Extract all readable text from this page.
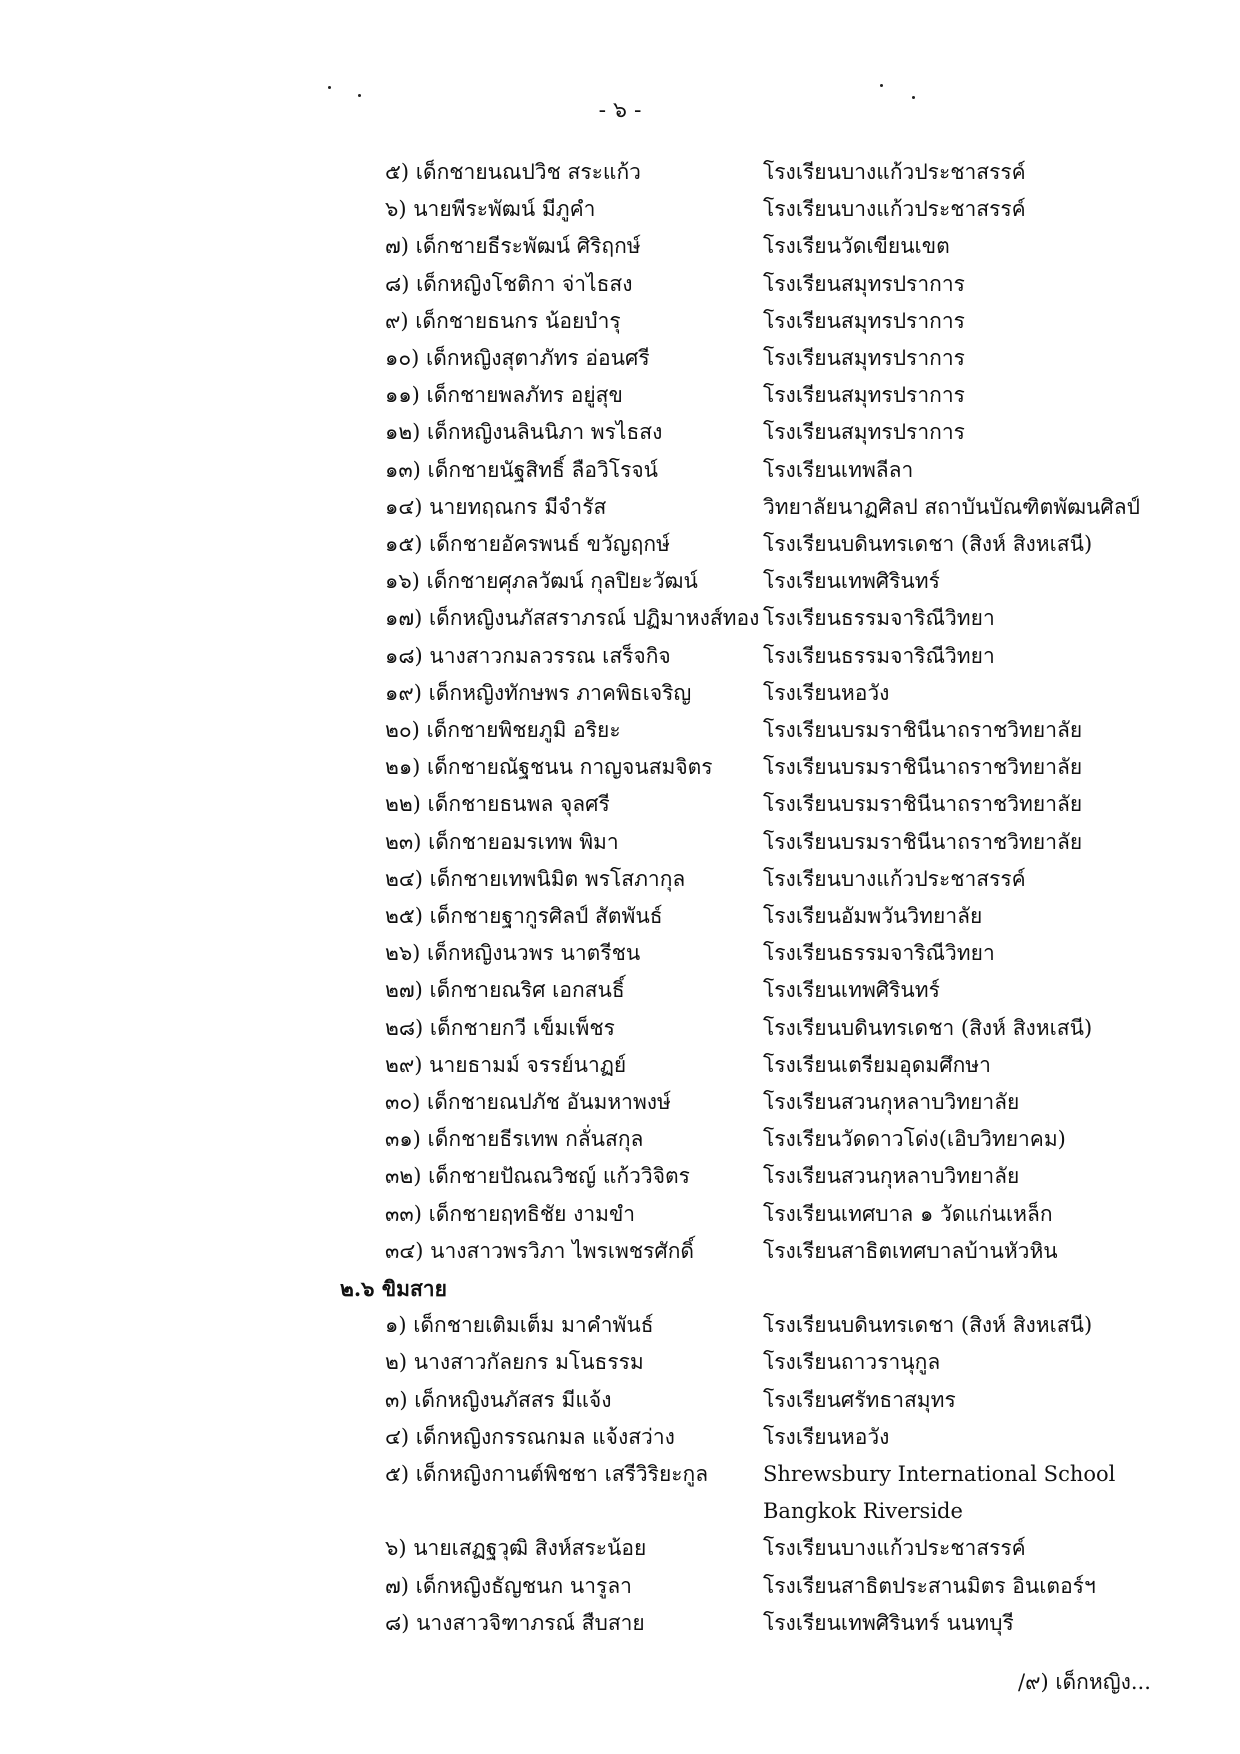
- ๖ -
๕) เด็กชายนณปวิช สระแก้ว	โรงเรียนบางแก้วประชาสรรค์
๖) นายพีระพัฒน์ มีภูคำ	โรงเรียนบางแก้วประชาสรรค์
๗) เด็กชายธีระพัฒน์ ศิริฤกษ์	โรงเรียนวัดเขียนเขต
๘) เด็กหญิงโชติกา จ่าไธสง	โรงเรียนสมุทรปราการ
๙) เด็กชายธนกร น้อยบำรุ	โรงเรียนสมุทรปราการ
๑๐) เด็กหญิงสุตาภัทร อ่อนศรี	โรงเรียนสมุทรปราการ
๑๑) เด็กชายพลภัทร อยู่สุข	โรงเรียนสมุทรปราการ
๑๒) เด็กหญิงนลินนิภา พรไธสง	โรงเรียนสมุทรปราการ
๑๓) เด็กชายนัฐสิทธิ์ ลือวิโรจน์	โรงเรียนเทพลีลา
๑๔) นายทฤณกร มีจำรัส	วิทยาลัยนาฏศิลป สถาบันบัณฑิตพัฒนศิลป์
๑๕) เด็กชายอัครพนธ์ ขวัญฤกษ์	โรงเรียนบดินทรเดชา (สิงห์ สิงหเสนี)
๑๖) เด็กชายศุภลวัฒน์ กุลปิยะวัฒน์	โรงเรียนเทพศิรินทร์
๑๗) เด็กหญิงนภัสสราภรณ์ ปฏิมาหงส์ทอง โรงเรียนธรรมจาริณีวิทยา
๑๘) นางสาวกมลวรรณ เสร็จกิจ	โรงเรียนธรรมจาริณีวิทยา
๑๙) เด็กหญิงทักษพร ภาคพิธเจริญ	โรงเรียนหอวัง
๒๐) เด็กชายพิชยภูมิ อริยะ	โรงเรียนบรมราชินีนาถราชวิทยาลัย
๒๑) เด็กชายณัฐชนน กาญจนสมจิตร โรงเรียนบรมราชินีนาถราชวิทยาลัย
๒๒) เด็กชายธนพล จุลศรี	โรงเรียนบรมราชินีนาถราชวิทยาลัย
๒๓) เด็กชายอมรเทพ พิมา	โรงเรียนบรมราชินีนาถราชวิทยาลัย
๒๔) เด็กชายเทพนิมิต พรโสภากุล	โรงเรียนบางแก้วประชาสรรค์
๒๕) เด็กชายฐากูรศิลป์ สัตพันธ์	โรงเรียนอัมพวันวิทยาลัย
๒๖) เด็กหญิงนวพร นาตรีชน	โรงเรียนธรรมจาริณีวิทยา
๒๗) เด็กชายณริศ เอกสนธิ์	โรงเรียนเทพศิรินทร์
๒๘) เด็กชายกวี เข็มเพ็ชร	โรงเรียนบดินทรเดชา (สิงห์ สิงหเสนี)
๒๙) นายธามม์ จรรย์นาฏย์	โรงเรียนเตรียมอุดมศึกษา
๓๐) เด็กชายณปภัช อันมหาพงษ์	โรงเรียนสวนกุหลาบวิทยาลัย
๓๑) เด็กชายธีรเทพ กลั่นสกุล	โรงเรียนวัดดาวโด่ง(เอิบวิทยาคม)
๓๒) เด็กชายปัณณวิชญ์ แก้ววิจิตร	โรงเรียนสวนกุหลาบวิทยาลัย
๓๓) เด็กชายฤทธิชัย งามขำ	โรงเรียนเทศบาล ๑ วัดแก่นเหล็ก
๓๔) นางสาวพรวิภา ไพรเพชรศักดิ์	โรงเรียนสาธิตเทศบาลบ้านหัวหิน
๒.๖ ขิมสาย
๑) เด็กชายเติมเต็ม มาคำพันธ์	โรงเรียนบดินทรเดชา (สิงห์ สิงหเสนี)
๒) นางสาวกัลยกร มโนธรรม	โรงเรียนถาวรานุกูล
๓) เด็กหญิงนภัสสร มีแจ้ง	โรงเรียนศรัทธาสมุทร
๔) เด็กหญิงกรรณกมล แจ้งสว่าง	โรงเรียนหอวัง
๕) เด็กหญิงกานต์พิชชา เสรีวิริยะกูล	Shrewsbury International School
Bangkok Riverside
๖) นายเสฏฐวุฒิ สิงห์สระน้อย	โรงเรียนบางแก้วประชาสรรค์
๗) เด็กหญิงธัญชนก นารูลา	โรงเรียนสาธิตประสานมิตร อินเตอร์ฯ
๘) นางสาวจิฑาภรณ์ สืบสาย	โรงเรียนเทพศิรินทร์ นนทบุรี
/๙) เด็กหญิง...
